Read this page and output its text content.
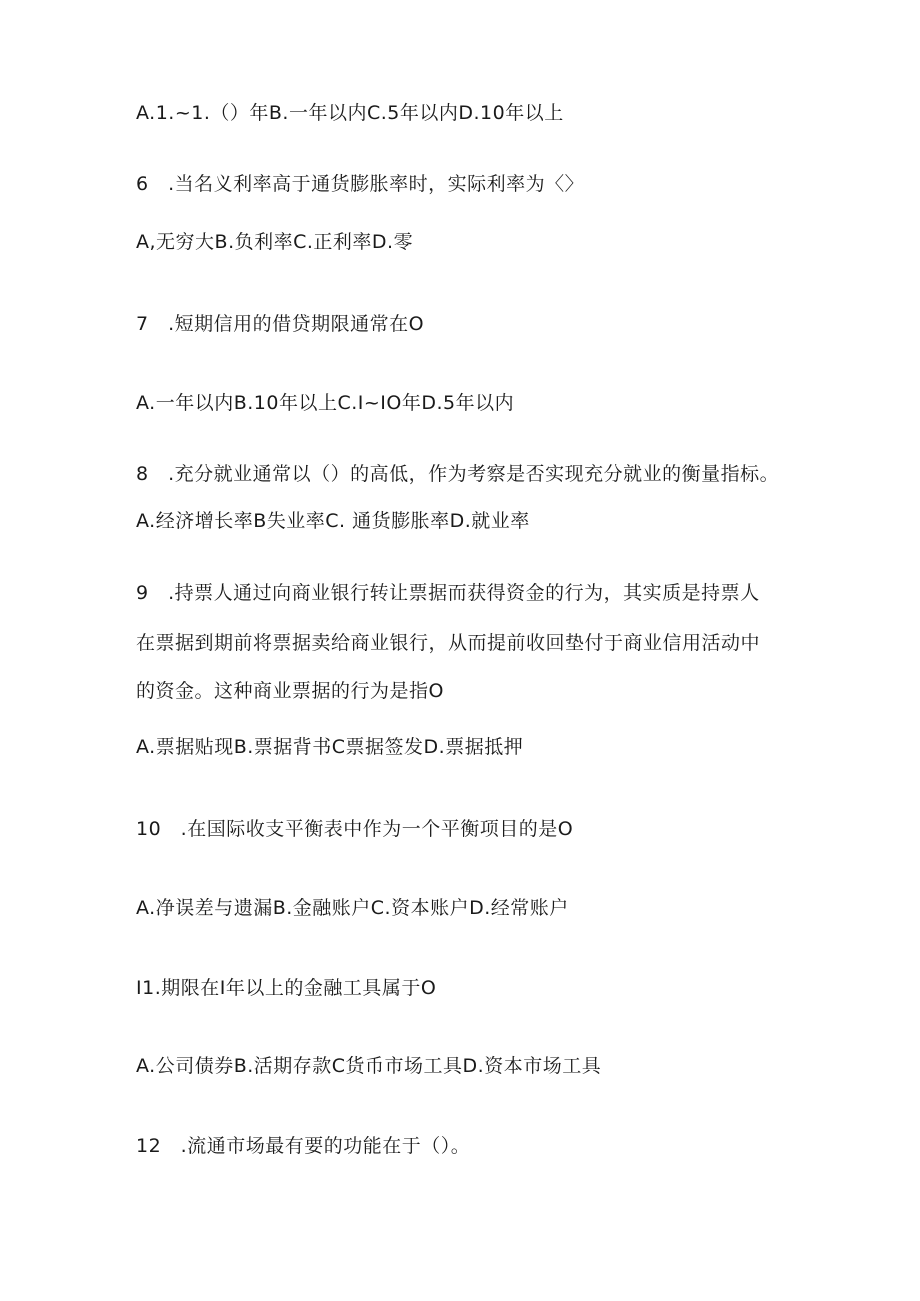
A.1.~1.（）年B.一年以内C.5年以内D.10年以上
6　.当名义利率高于通货膨胀率时，实际利率为〈〉
A,无穷大B.负利率C.正利率D.零
7　.短期信用的借贷期限通常在O
A.一年以内B.10年以上C.I~IO年D.5年以内
8　.充分就业通常以（）的高低，作为考察是否实现充分就业的衡量指标。
A.经济增长率B失业率C. 通货膨胀率D.就业率
9　.持票人通过向商业银行转让票据而获得资金的行为，其实质是持票人
在票据到期前将票据卖给商业银行，从而提前收回垫付于商业信用活动中
的资金。这种商业票据的行为是指O
A.票据贴现B.票据背书C票据签发D.票据抵押
10　.在国际收支平衡表中作为一个平衡项目的是O
A.净误差与遗漏B.金融账户C.资本账户D.经常账户
I1.期限在I年以上的金融工具属于O
A.公司债券B.活期存款C货币市场工具D.资本市场工具
12　.流通市场最有要的功能在于（）。
